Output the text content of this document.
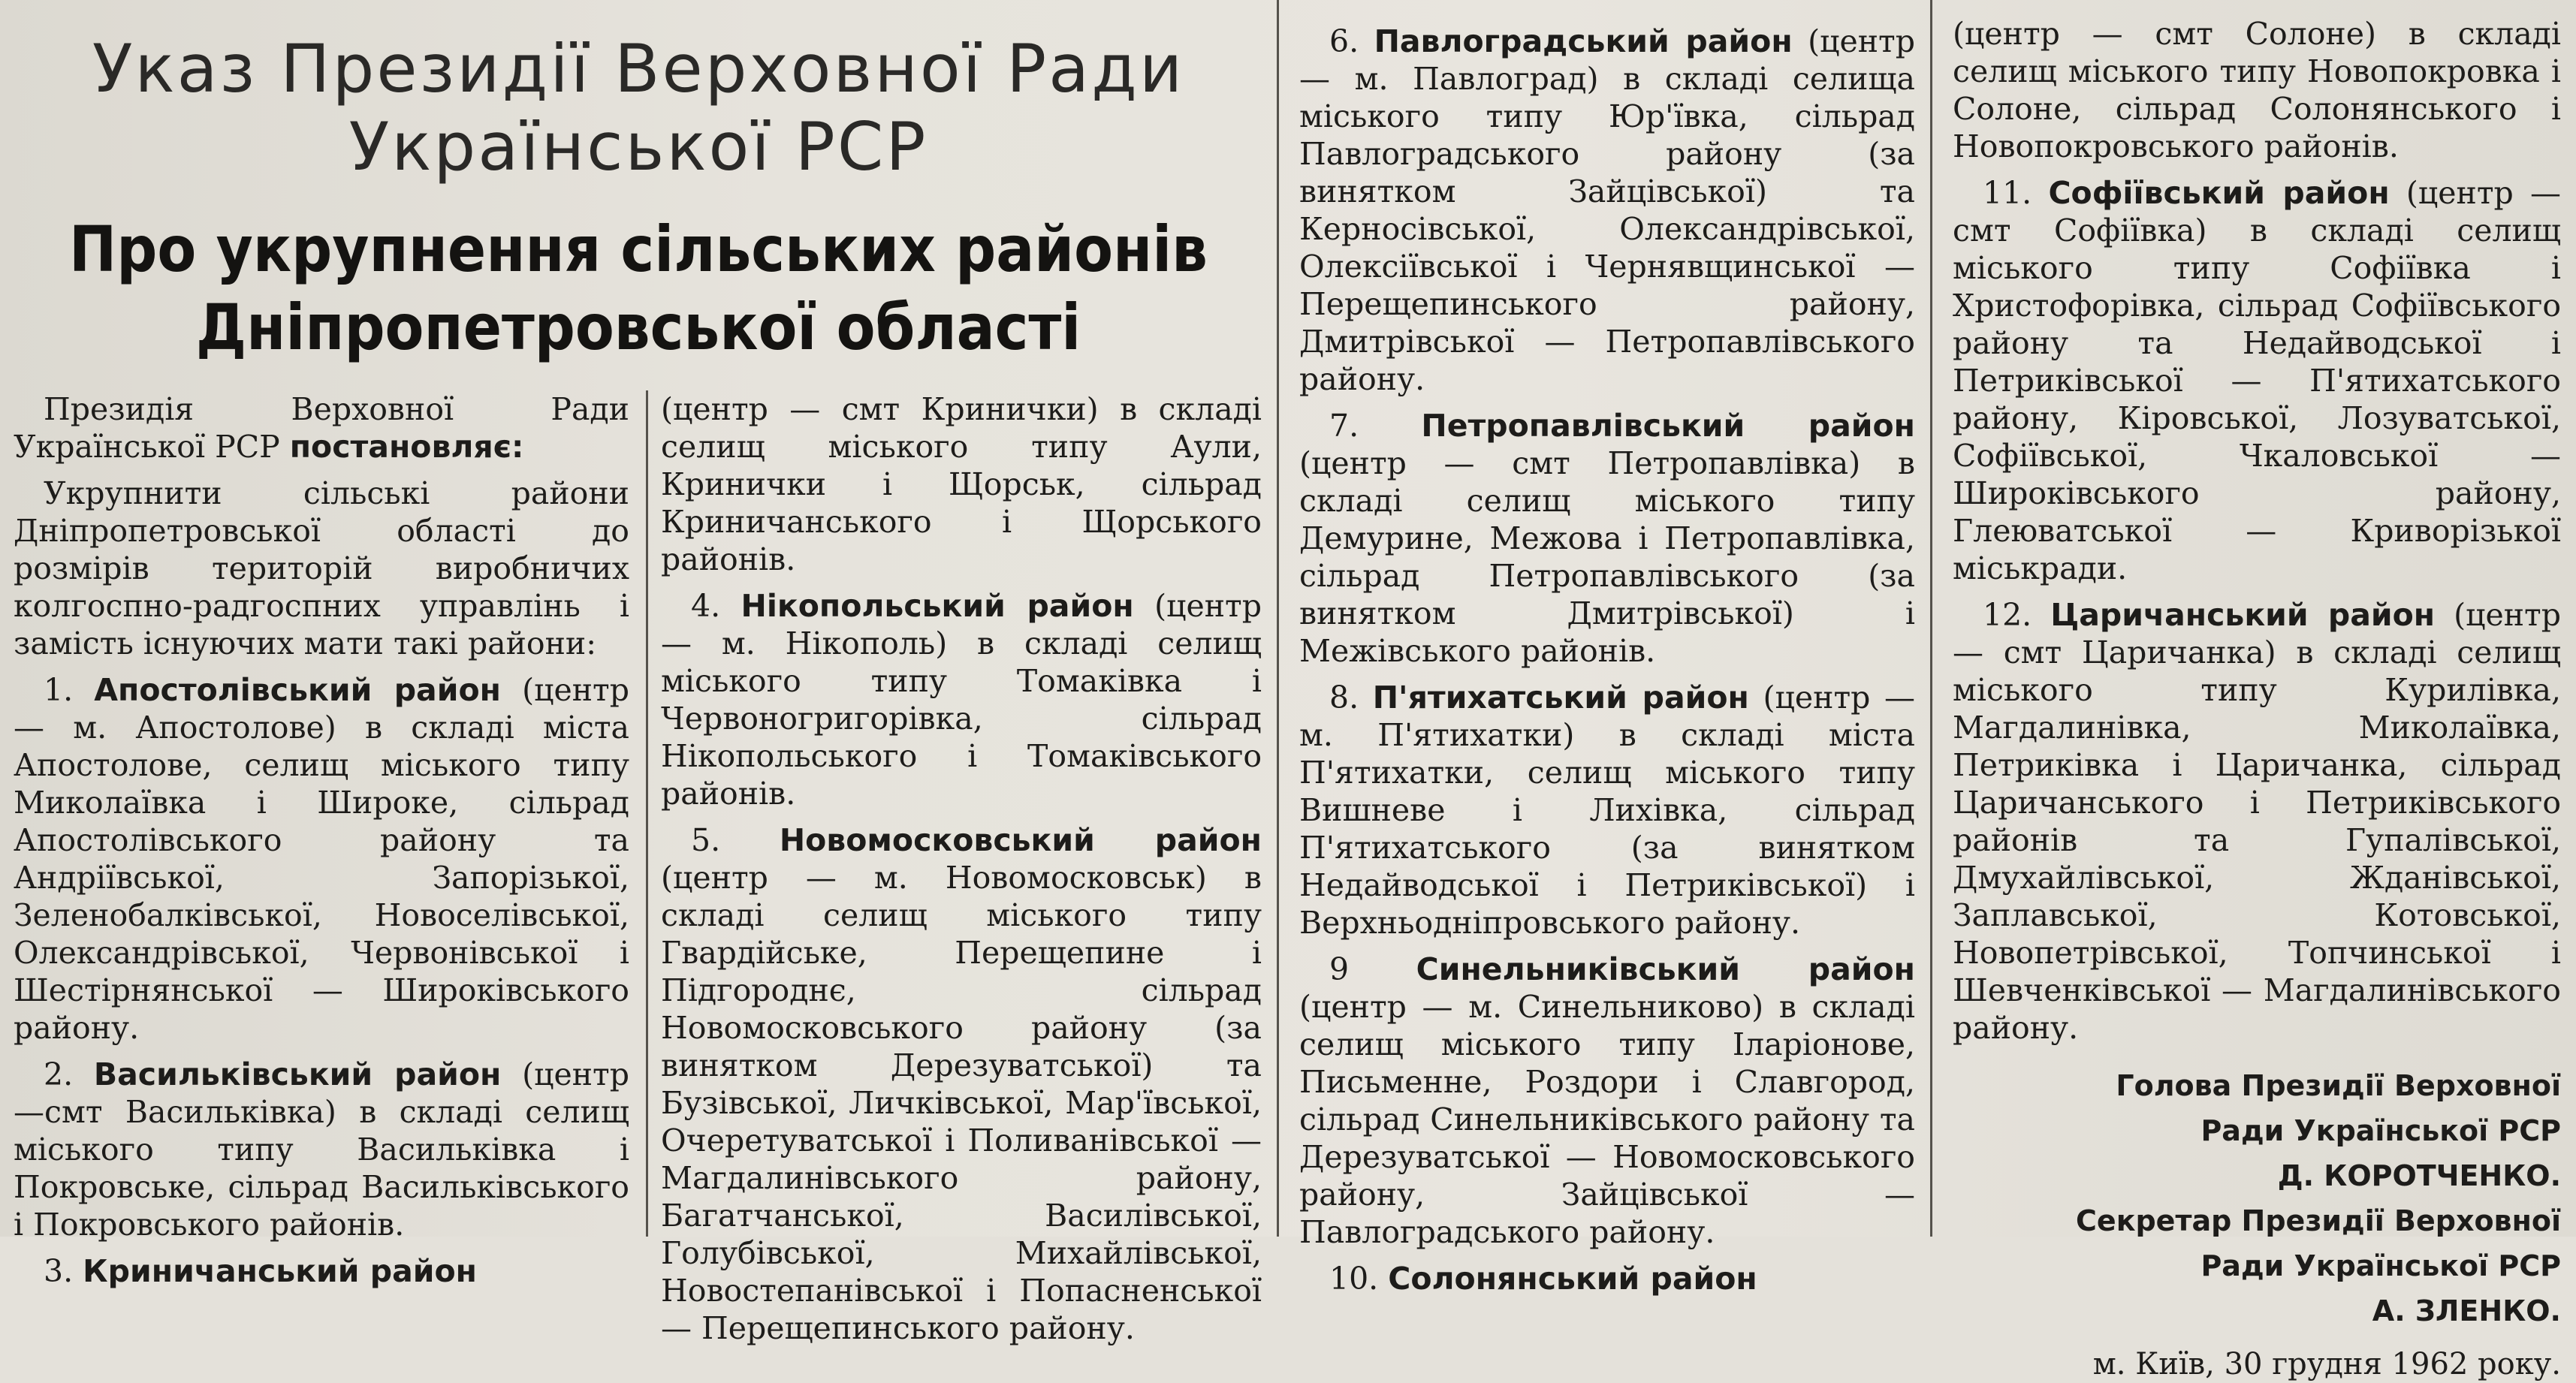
Указ Президії Верховної Ради
Української РСР
Про укрупнення сільських районів
Дніпропетровської області

Президія Верховної Ради Української РСР постановляє:

Укрупнити сільські райони Дніпропетровської області до розмірів територій виробничих колгоспно-радгоспних управлінь і замість існуючих мати такі райони:

1. Апостолівський район (центр — м. Апостолове) в складі міста Апостолове, селищ міського типу Миколаївка і Широке, сільрад Апостолівського району та Андріївської, Запорізької, Зеленобалківської, Новоселівської, Олександрівської, Червонівської і Шестірнянської — Широківського району.

2. Васильківський район (центр —смт Васильківка) в складі селищ міського типу Васильківка і Покровське, сільрад Васильківського і Покровського районів.

3. Криничанський район

(центр — смт Кринички) в складі селищ міського типу Аули, Кринички і Щорськ, сільрад Криничанського і Щорського районів.

4. Нікопольський район (центр — м. Нікополь) в складі селищ міського типу Томаківка і Червоногригорівка, сільрад Нікопольського і Томаківського районів.

5. Новомосковський район (центр — м. Новомосковськ) в складі селищ міського типу Гвардійське, Перещепине і Підгороднє, сільрад Новомосковського району (за винятком Дерезуватської) та Бузівської, Личківської, Мар'ївської, Очеретуватської і Поливанівської — Магдалинівського району, Багатчанської, Василівської, Голубівської, Михайлівської, Новостепанівської і Попасненської — Перещепинського району.

6. Павлоградський район (центр — м. Павлоград) в складі селища міського типу Юр'ївка, сільрад Павлоградського району (за винятком Зайцівської) та Керносівської, Олександрівської, Олексіївської і Чернявщинської — Перещепинського району, Дмитрівської — Петропавлівського району.

7. Петропавлівський район (центр — смт Петропавлівка) в складі селищ міського типу Демурине, Межова і Петропавлівка, сільрад Петропавлівського (за винятком Дмитрівської) і Межівського районів.

8. П'ятихатський район (центр — м. П'ятихатки) в складі міста П'ятихатки, селищ міського типу Вишневе і Лихівка, сільрад П'ятихатського (за винятком Недайводської і Петриківської) і Верхньодніпровського району.

9 Синельниківський район (центр — м. Синельниково) в складі селищ міського типу Іларіонове, Письменне, Роздори і Славгород, сільрад Синельниківського району та Дерезуватської — Новомосковського району, Зайцівської — Павлоградського району.

10. Солонянський район

(центр — смт Солоне) в складі селищ міського типу Новопокровка і Солоне, сільрад Солонянського і Новопокровського районів.

11. Софіївський район (центр — смт Софіївка) в складі селищ міського типу Софіївка і Христофорівка, сільрад Софіївського району та Недайводської і Петриківської — П'ятихатського району, Кіровської, Лозуватської, Софіївської, Чкаловської — Широківського району, Глеюватської — Криворізької міськради.

12. Царичанський район (центр — смт Царичанка) в складі селищ міського типу Курилівка, Магдалинівка, Миколаївка, Петриківка і Царичанка, сільрад Царичанського і Петриківського районів та Гупалівської, Дмухайлівської, Жданівської, Заплавської, Котовської, Новопетрівської, Топчинської і Шевченківської — Магдалинівського району.

Голова Президії Верховної

Ради Української РСР

Д. КОРОТЧЕНКО.

Секретар Президії Верховної

Ради Української РСР

А. ЗЛЕНКО.

м. Київ, 30 грудня 1962 року.
